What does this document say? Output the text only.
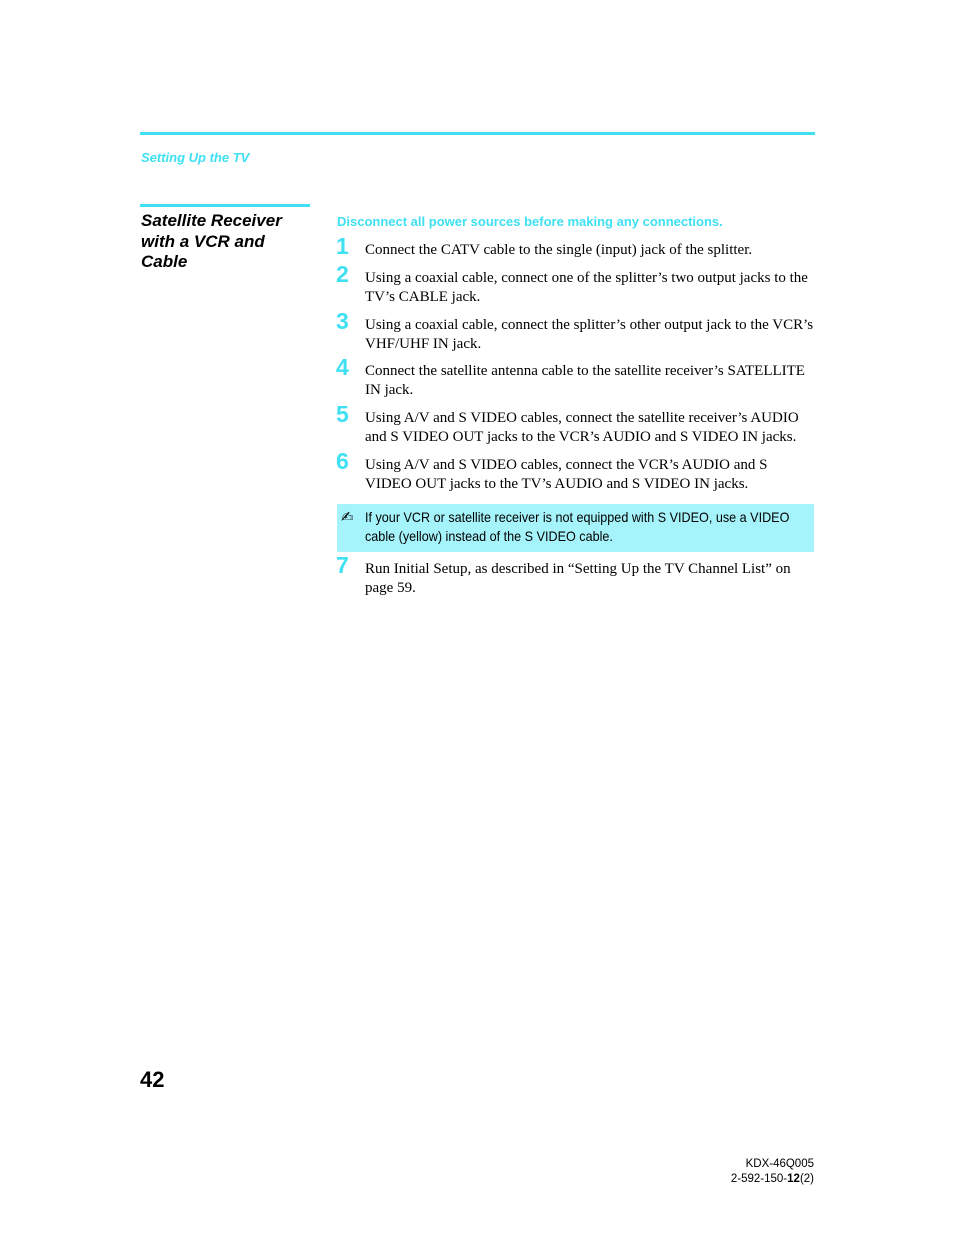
Setting Up the TV
Satellite Receiver
with a VCR and
Cable
Disconnect all power sources before making any connections.
1 Connect the CATV cable to the single (input) jack of the splitter.
2 Using a coaxial cable, connect one of the splitter’s two output jacks to the TV’s CABLE jack.
3 Using a coaxial cable, connect the splitter’s other output jack to the VCR’s VHF/UHF IN jack.
4 Connect the satellite antenna cable to the satellite receiver’s SATELLITE IN jack.
5 Using A/V and S VIDEO cables, connect the satellite receiver’s AUDIO and S VIDEO OUT jacks to the VCR’s AUDIO and S VIDEO IN jacks.
6 Using A/V and S VIDEO cables, connect the VCR’s AUDIO and S VIDEO OUT jacks to the TV’s AUDIO and S VIDEO IN jacks.
✍ If your VCR or satellite receiver is not equipped with S VIDEO, use a VIDEO cable (yellow) instead of the S VIDEO cable.
7 Run Initial Setup, as described in “Setting Up the TV Channel List” on page 59.
42
KDX-46Q005
2-592-150-12(2)
